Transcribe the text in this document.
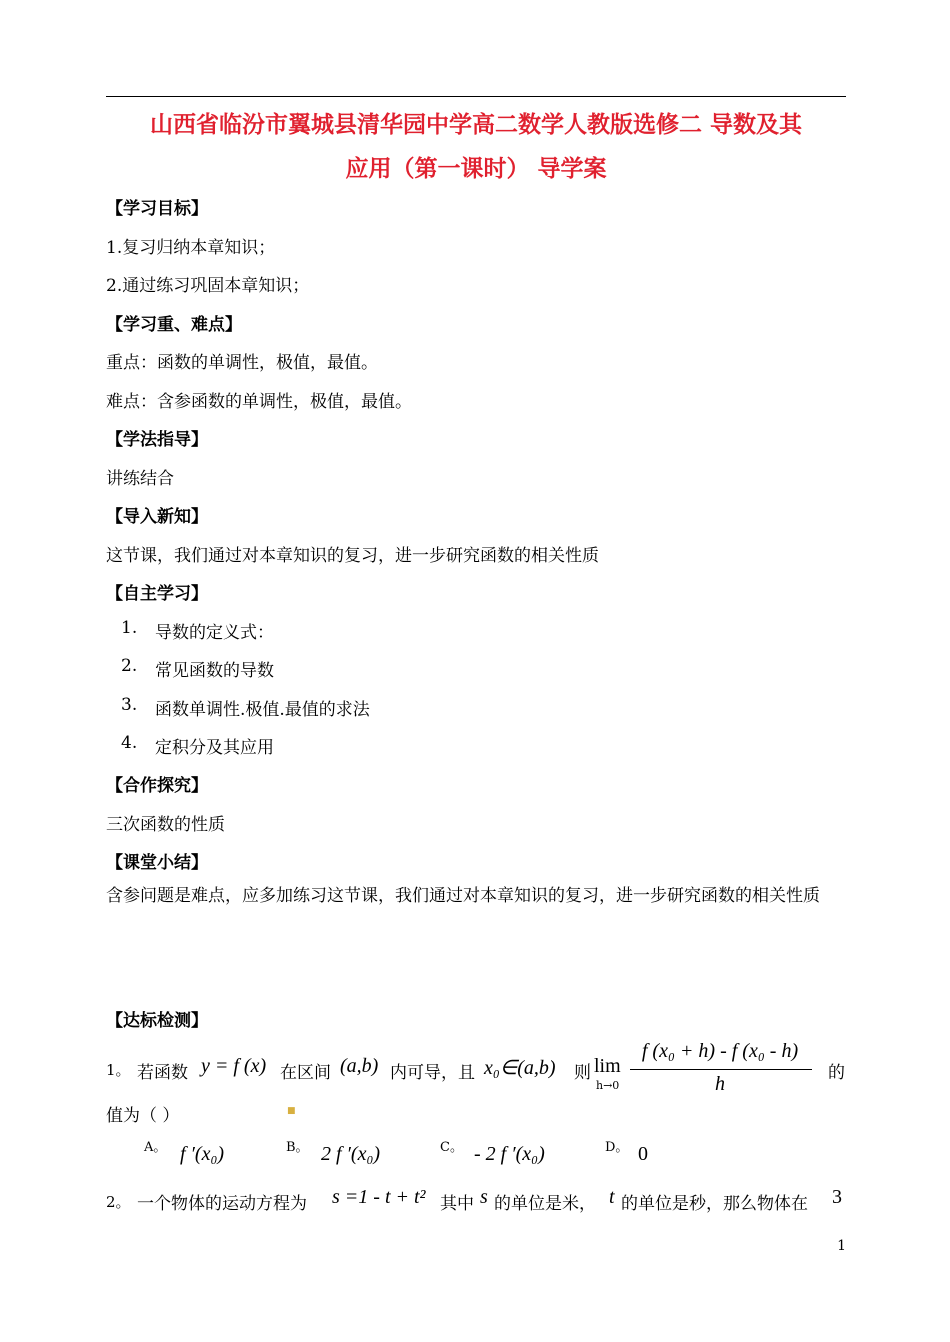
山西省临汾市翼城县清华园中学高二数学人教版选修二 导数及其
应用（第一课时） 导学案
【学习目标】
1.复习归纳本章知识；
2.通过练习巩固本章知识；
【学习重、难点】
重点：函数的单调性，极值，最值。
难点：含参函数的单调性，极值，最值。
【学法指导】
讲练结合
【导入新知】
这节课，我们通过对本章知识的复习，进一步研究函数的相关性质
【自主学习】
1. 导数的定义式：
2. 常见函数的导数
3. 函数单调性.极值.最值的求法
4. 定积分及其应用
【合作探究】
三次函数的性质
【课堂小结】
含参问题是难点，应多加练习这节课，我们通过对本章知识的复习，进一步研究函数的相关性质
【达标检测】
1。 若函数 y = f (x) 在区间 (a,b) 内可导，且 x₀∈(a,b) 则 lim
h→0
f (x₀ + h) - f (x₀ - h)
h	的
值为（ ）	■
A。 f ′(x₀)	B。 2 f ′(x₀)	C。 - 2 f ′(x₀)	D。 0
2。 一个物体的运动方程为 s =1 - t + t² 其中 s 的单位是米， t 的单位是秒，那么物体在 3
1
